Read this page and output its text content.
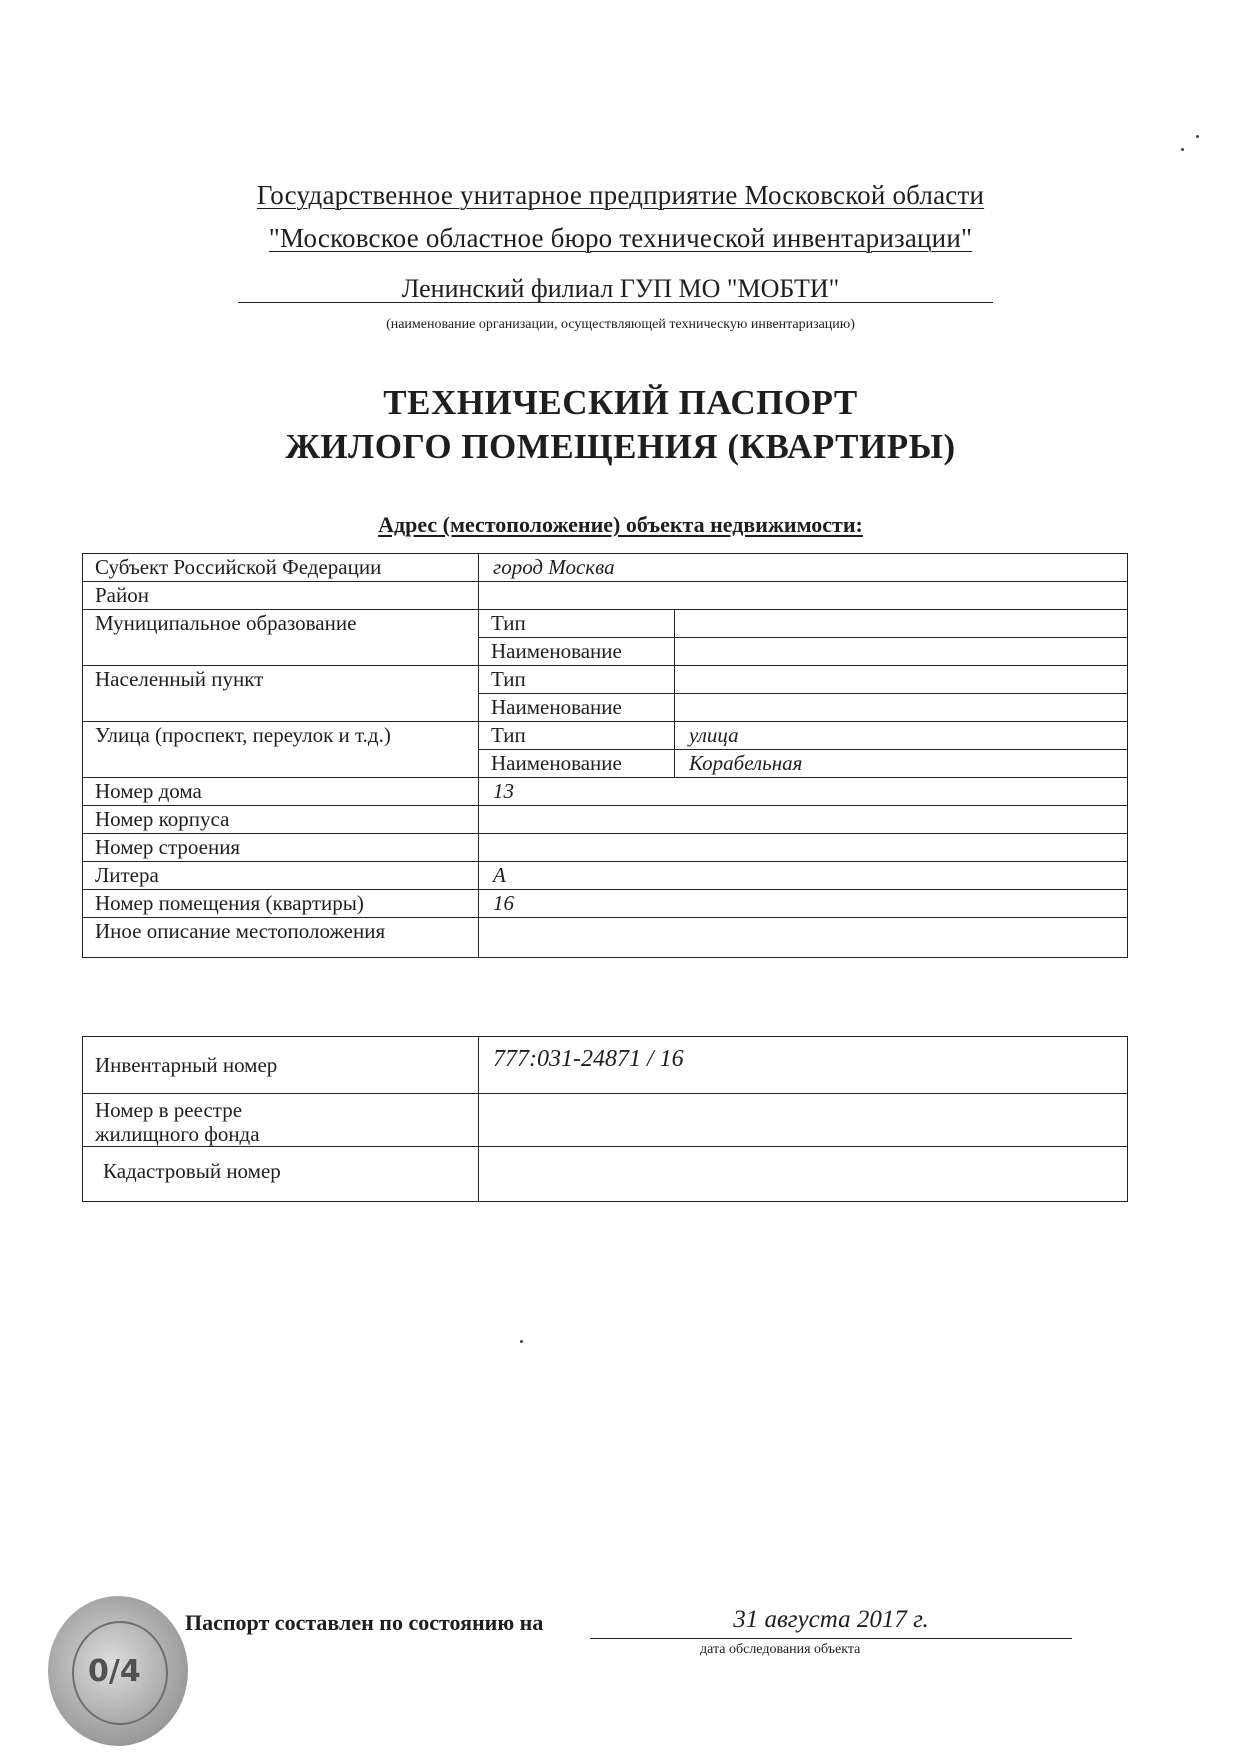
Государственное унитарное предприятие Московской области
"Московское областное бюро технической инвентаризации"
Ленинский филиал ГУП МО "МОБТИ"
(наименование организации, осуществляющей техническую инвентаризацию)
ТЕХНИЧЕСКИЙ ПАСПОРТ
ЖИЛОГО ПОМЕЩЕНИЯ (КВАРТИРЫ)
Адрес (местоположение) объекта недвижимости:
Субъект Российской Федерации	город Москва	
Район		
Муниципальное образование	Тип	
	Наименование	
Населенный пункт	Тип	
	Наименование	
Улица (проспект, переулок и т.д.)	Тип	улица
	Наименование	Корабельная
Номер дома	13	
Номер корпуса		
Номер строения		
Литера	А	
Номер помещения (квартиры)	16	
Иное описание местоположения		
Инвентарный номер	777:031-24871 / 16

Номер в реестре
жилищного фонда	

Кадастровый номер	
0/4
Паспорт составлен по состоянию на	31 августа 2017 г.
дата обследования объекта
